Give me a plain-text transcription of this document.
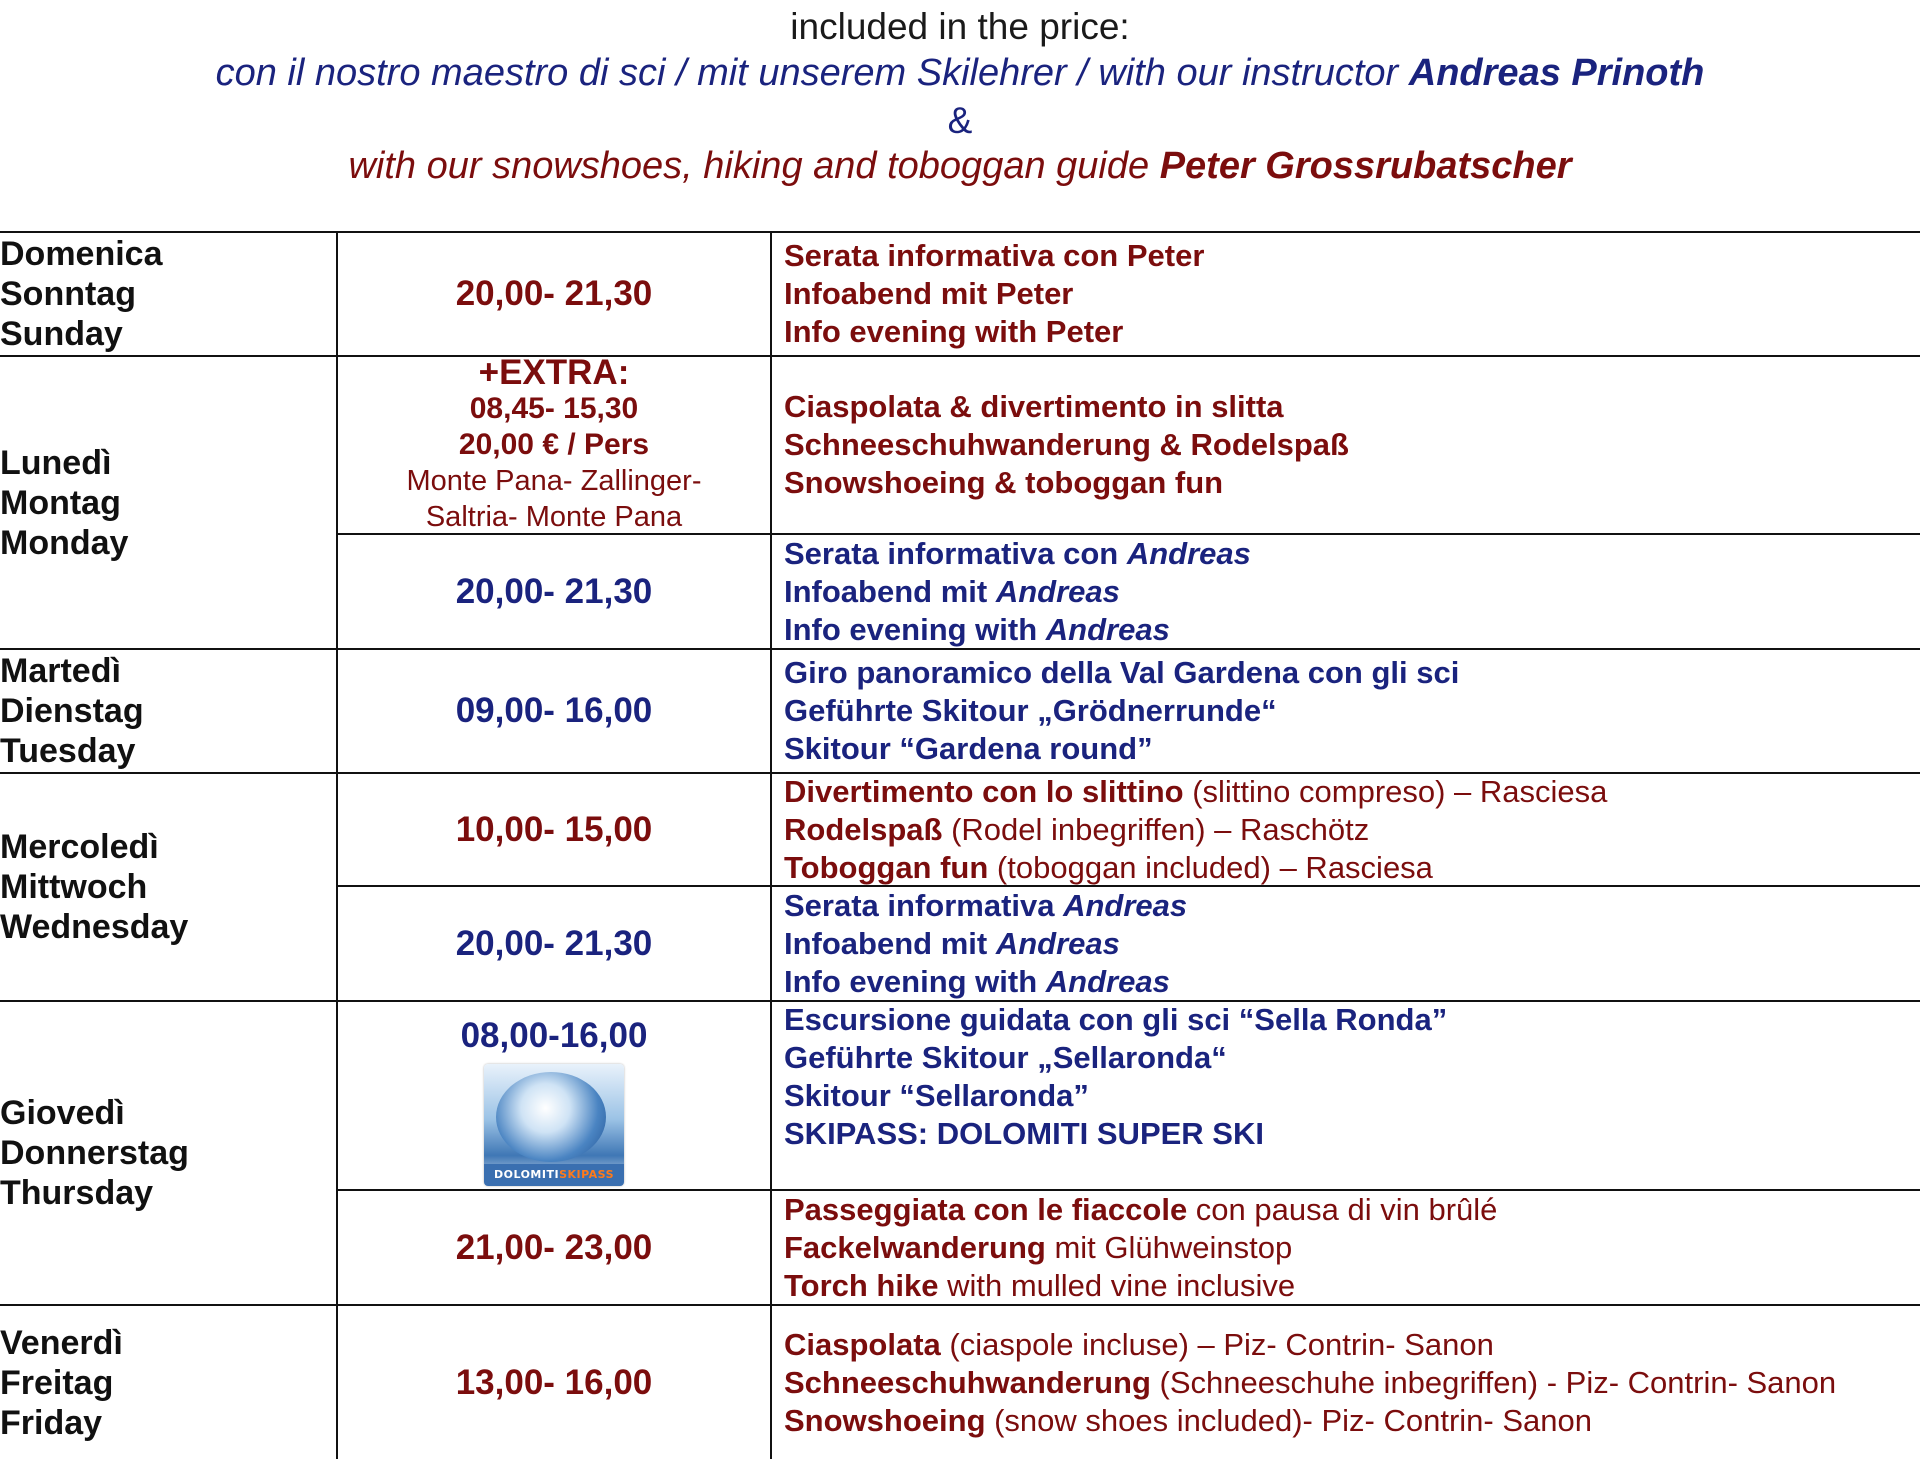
included in the price:
con il nostro maestro di sci / mit unserem Skilehrer / with our instructor Andreas Prinoth
&
with our snowshoes, hiking and toboggan guide Peter Grossrubatscher
Domenica
Sonntag
Sunday
20,00- 21,30
Serata informativa con Peter
Infoabend mit Peter
Info evening with Peter
Lunedì
Montag
Monday
+EXTRA:
08,45- 15,30
20,00 € / Pers
Monte Pana- Zallinger-
Saltria- Monte Pana
Ciaspolata & divertimento in slitta
Schneeschuhwanderung & Rodelspaß
Snowshoeing & toboggan fun
20,00- 21,30
Serata informativa con Andreas
Infoabend mit Andreas
Info evening with Andreas
Martedì
Dienstag
Tuesday
09,00- 16,00
Giro panoramico della Val Gardena con gli sci
Geführte Skitour „Grödnerrunde“
Skitour “Gardena round”
Mercoledì
Mittwoch
Wednesday
10,00- 15,00
Divertimento con lo slittino (slittino compreso) – Rasciesa
Rodelspaß (Rodel inbegriffen) – Raschötz
Toboggan fun (toboggan included) – Rasciesa
20,00- 21,30
Serata informativa Andreas
Infoabend mit Andreas
Info evening with Andreas
Giovedì
Donnerstag
Thursday
08,00-16,00
DOLOMITISKIPASS
Escursione guidata con gli sci “Sella Ronda”
Geführte Skitour „Sellaronda“
Skitour “Sellaronda”
SKIPASS: DOLOMITI SUPER SKI
21,00- 23,00
Passeggiata con le fiaccole con pausa di vin brûlé
Fackelwanderung mit Glühweinstop
Torch hike with mulled vine inclusive
Venerdì
Freitag
Friday
13,00- 16,00
Ciaspolata (ciaspole incluse) – Piz- Contrin- Sanon
Schneeschuhwanderung (Schneeschuhe inbegriffen) - Piz- Contrin- Sanon
Snowshoeing (snow shoes included)- Piz- Contrin- Sanon
